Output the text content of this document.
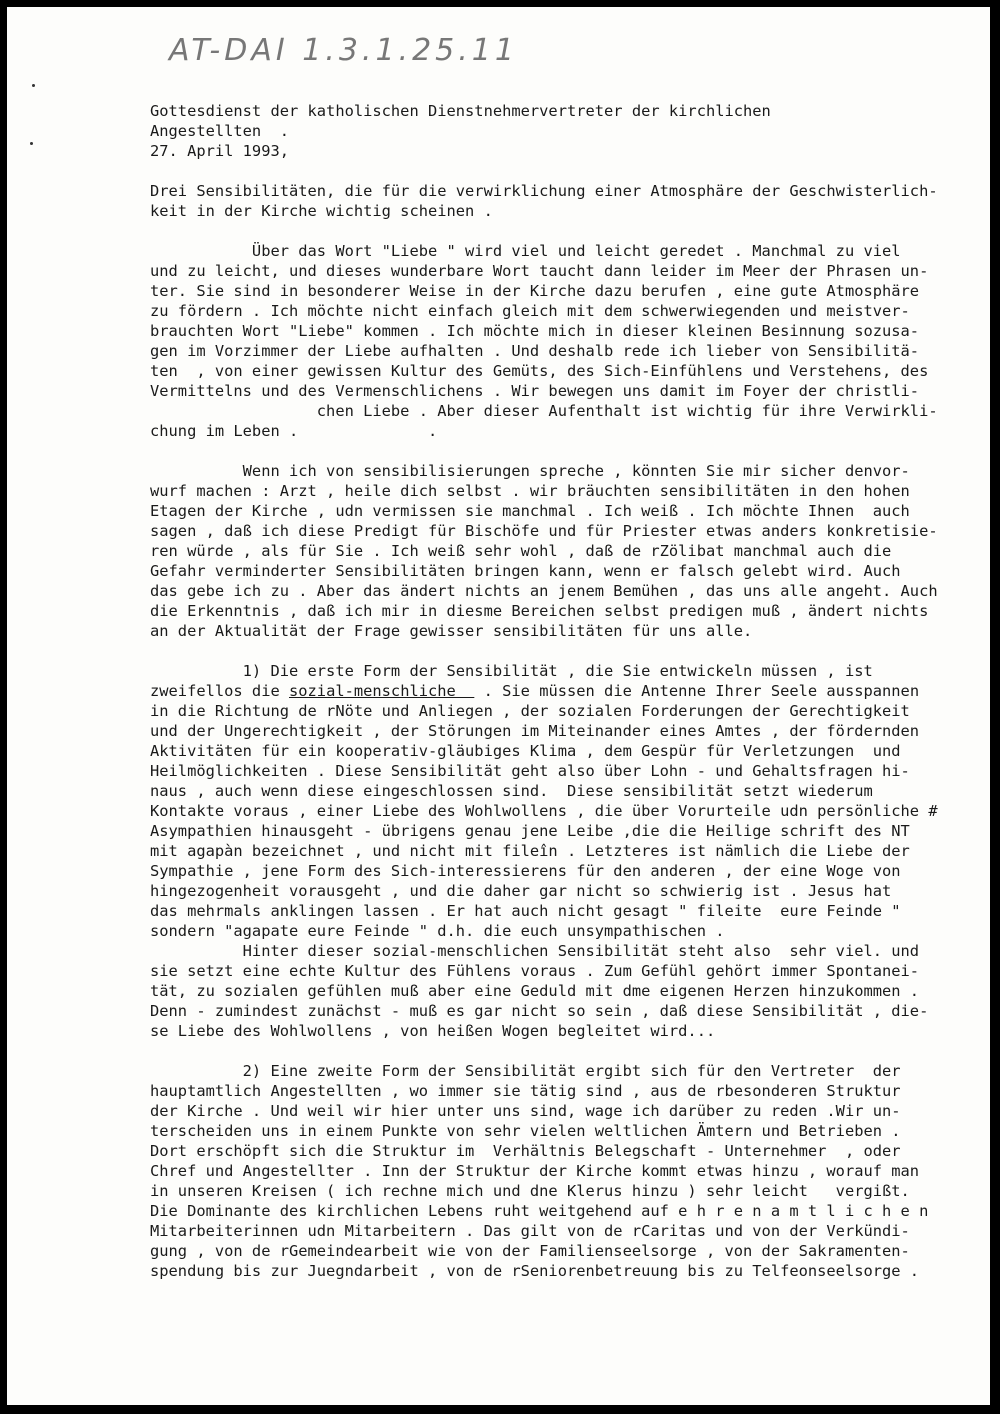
AT-DAI 1.3.1.25.11
Gottesdienst der katholischen Dienstnehmervertreter der kirchlichen
Angestellten  .
27. April 1993,
Drei Sensibilitäten, die für die verwirklichung einer Atmosphäre der Geschwisterlich-
keit in der Kirche wichtig scheinen .
Über das Wort "Liebe " wird viel und leicht geredet . Manchmal zu viel
und zu leicht, und dieses wunderbare Wort taucht dann leider im Meer der Phrasen un-
ter. Sie sind in besonderer Weise in der Kirche dazu berufen , eine gute Atmosphäre
zu fördern . Ich möchte nicht einfach gleich mit dem schwerwiegenden und meistver-
brauchten Wort "Liebe" kommen . Ich möchte mich in dieser kleinen Besinnung sozusa-
gen im Vorzimmer der Liebe aufhalten . Und deshalb rede ich lieber von Sensibilitä-
ten  , von einer gewissen Kultur des Gemüts, des Sich-Einfühlens und Verstehens, des
Vermittelns und des Vermenschlichens . Wir bewegen uns damit im Foyer der christli-
chen Liebe . Aber dieser Aufenthalt ist wichtig für ihre Verwirkli-
chung im Leben .              .
Wenn ich von sensibilisierungen spreche , könnten Sie mir sicher denvor-
wurf machen : Arzt , heile dich selbst . wir bräuchten sensibilitäten in den hohen
Etagen der Kirche , udn vermissen sie manchmal . Ich weiß . Ich möchte Ihnen  auch
sagen , daß ich diese Predigt für Bischöfe und für Priester etwas anders konkretisie-
ren würde , als für Sie . Ich weiß sehr wohl , daß de rZölibat manchmal auch die
Gefahr verminderter Sensibilitäten bringen kann, wenn er falsch gelebt wird. Auch
das gebe ich zu . Aber das ändert nichts an jenem Bemühen , das uns alle angeht. Auch
die Erkenntnis , daß ich mir in diesme Bereichen selbst predigen muß , ändert nichts
an der Aktualität der Frage gewisser sensibilitäten für uns alle.
1) Die erste Form der Sensibilität , die Sie entwickeln müssen , ist
zweifellos die sozial-menschliche   . Sie müssen die Antenne Ihrer Seele ausspannen
in die Richtung de rNöte und Anliegen , der sozialen Forderungen der Gerechtigkeit
und der Ungerechtigkeit , der Störungen im Miteinander eines Amtes , der fördernden
Aktivitäten für ein kooperativ-gläubiges Klima , dem Gespür für Verletzungen  und
Heilmöglichkeiten . Diese Sensibilität geht also über Lohn - und Gehaltsfragen hi-
naus , auch wenn diese eingeschlossen sind.  Diese sensibilität setzt wiederum
Kontakte voraus , einer Liebe des Wohlwollens , die über Vorurteile udn persönliche #
Asympathien hinausgeht - übrigens genau jene Leibe ,die die Heilige schrift des NT
mit agapàn bezeichnet , und nicht mit fileîn . Letzteres ist nämlich die Liebe der
Sympathie , jene Form des Sich-interessierens für den anderen , der eine Woge von
hingezogenheit vorausgeht , und die daher gar nicht so schwierig ist . Jesus hat
das mehrmals anklingen lassen . Er hat auch nicht gesagt " fileite  eure Feinde "
sondern "agapate eure Feinde " d.h. die euch unsympathischen .
Hinter dieser sozial-menschlichen Sensibilität steht also  sehr viel. und
sie setzt eine echte Kultur des Fühlens voraus . Zum Gefühl gehört immer Spontanei-
tät, zu sozialen gefühlen muß aber eine Geduld mit dme eigenen Herzen hinzukommen .
Denn - zumindest zunächst - muß es gar nicht so sein , daß diese Sensibilität , die-
se Liebe des Wohlwollens , von heißen Wogen begleitet wird...
2) Eine zweite Form der Sensibilität ergibt sich für den Vertreter  der
hauptamtlich Angestellten , wo immer sie tätig sind , aus de rbesonderen Struktur
der Kirche . Und weil wir hier unter uns sind, wage ich darüber zu reden .Wir un-
terscheiden uns in einem Punkte von sehr vielen weltlichen Ämtern und Betrieben .
Dort erschöpft sich die Struktur im  Verhältnis Belegschaft - Unternehmer  , oder
Chref und Angestellter . Inn der Struktur der Kirche kommt etwas hinzu , worauf man
in unseren Kreisen ( ich rechne mich und dne Klerus hinzu ) sehr leicht   vergißt.
Die Dominante des kirchlichen Lebens ruht weitgehend auf e h r e n a m t l i c h e n
Mitarbeiterinnen udn Mitarbeitern . Das gilt von de rCaritas und von der Verkündi-
gung , von de rGemeindearbeit wie von der Familienseelsorge , von der Sakramenten-
spendung bis zur Juegndarbeit , von de rSeniorenbetreuung bis zu Telfeonseelsorge .
